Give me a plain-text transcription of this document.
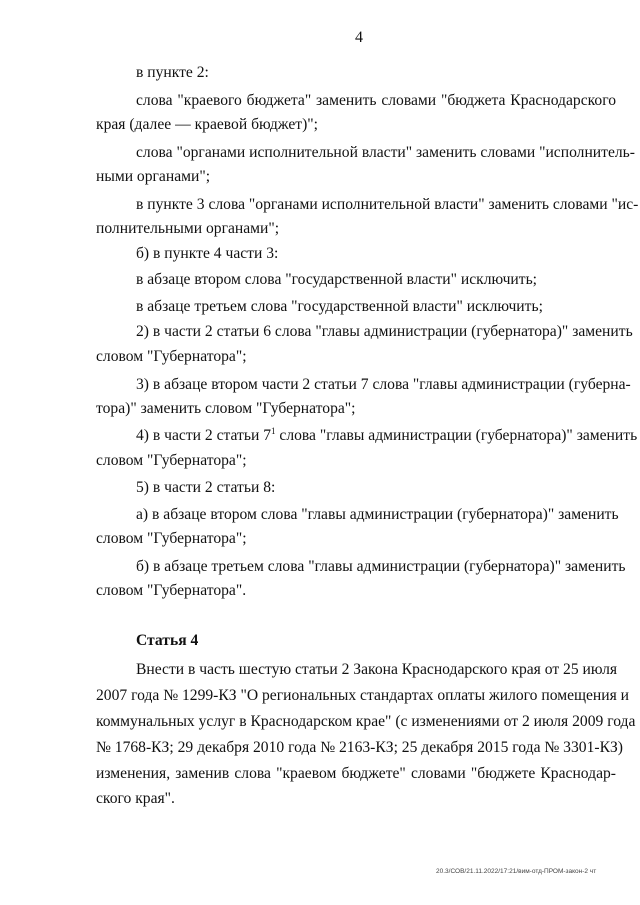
4
в пункте 2:
слова "краевого бюджета" заменить словами "бюджета Краснодарского
края (далее — краевой бюджет)";
слова "органами исполнительной власти" заменить словами "исполнитель-
ными органами";
в пункте 3 слова "органами исполнительной власти" заменить словами "ис-
полнительными органами";
б) в пункте 4 части 3:
в абзаце втором слова "государственной власти" исключить;
в абзаце третьем слова "государственной власти" исключить;
2) в части 2 статьи 6 слова "главы администрации (губернатора)" заменить
словом "Губернатора";
3) в абзаце втором части 2 статьи 7 слова "главы администрации (губерна-
тора)" заменить словом "Губернатора";
4) в части 2 статьи $7^1$ слова "главы администрации (губернатора)" заменить
словом "Губернатора";
5) в части 2 статьи 8:
а) в абзаце втором слова "главы администрации (губернатора)" заменить
словом "Губернатора";
б) в абзаце третьем слова "главы администрации (губернатора)" заменить
словом "Губернатора".
Статья 4
Внести в часть шестую статьи 2 Закона Краснодарского края от 25 июля
2007 года № 1299-КЗ "О региональных стандартах оплаты жилого помещения и
коммунальных услуг в Краснодарском крае" (с изменениями от 2 июля 2009 года
№ 1768-КЗ; 29 декабря 2010 года № 2163-КЗ; 25 декабря 2015 года № 3301-КЗ)
изменения, заменив слова "краевом бюджете" словами "бюджете Краснодар-
ского края".
20.3/СОВ/21.11.2022/17:21/вим-отд-ПРОМ-закон-2 чт
